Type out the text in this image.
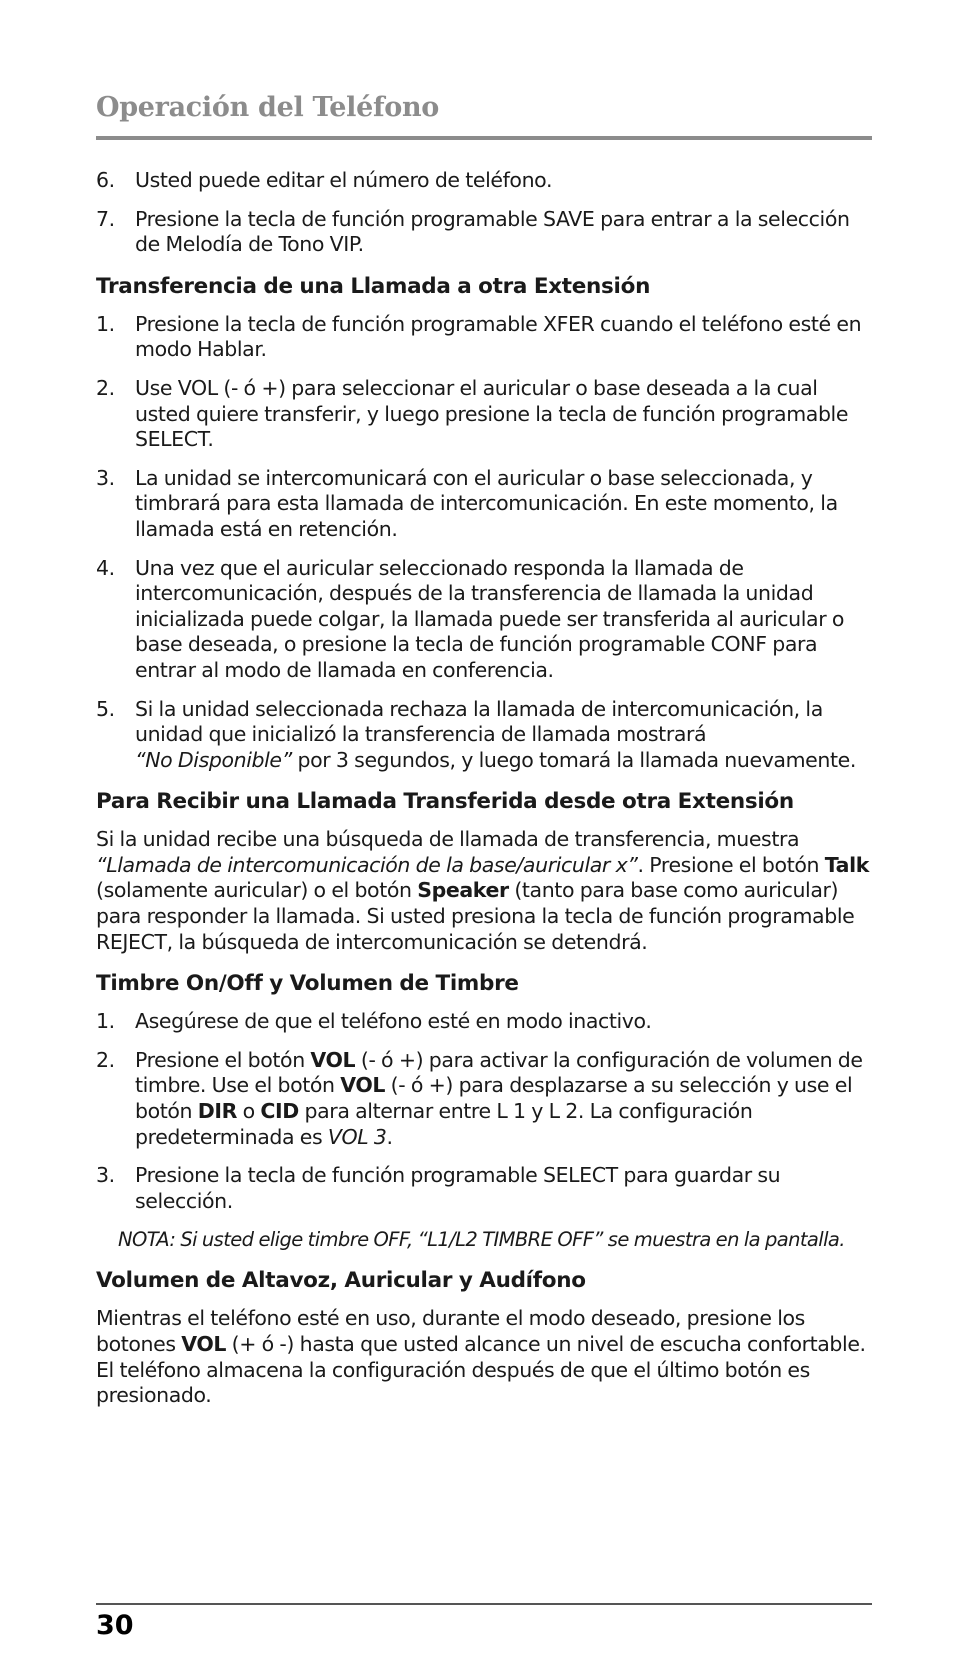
Operación del Teléfono
6. Usted puede editar el número de teléfono.
7. Presione la tecla de función programable SAVE para entrar a la selección de Melodía de Tono VIP.
Transferencia de una Llamada a otra Extensión
1. Presione la tecla de función programable XFER cuando el teléfono esté en modo Hablar.
2. Use VOL (- ó +) para seleccionar el auricular o base deseada a la cual usted quiere transferir, y luego presione la tecla de función programable SELECT.
3. La unidad se intercomunicará con el auricular o base seleccionada, y timbrará para esta llamada de intercomunicación. En este momento, la llamada está en retención.
4. Una vez que el auricular seleccionado responda la llamada de intercomunicación, después de la transferencia de llamada la unidad inicializada puede colgar, la llamada puede ser transferida al auricular o base deseada, o presione la tecla de función programable CONF para entrar al modo de llamada en conferencia.
5. Si la unidad seleccionada rechaza la llamada de intercomunicación, la unidad que inicializó la transferencia de llamada mostrará
“No Disponible” por 3 segundos, y luego tomará la llamada nuevamente.
Para Recibir una Llamada Transferida desde otra Extensión

Si la unidad recibe una búsqueda de llamada de transferencia, muestra
“Llamada de intercomunicación de la base/auricular x”. Presione el botón Talk (solamente auricular) o el botón Speaker (tanto para base como auricular) para responder la llamada. Si usted presiona la tecla de función programable REJECT, la búsqueda de intercomunicación se detendrá.

Timbre On/Off y Volumen de Timbre
1. Asegúrese de que el teléfono esté en modo inactivo.
2. Presione el botón VOL (- ó +) para activar la configuración de volumen de timbre. Use el botón VOL (- ó +) para desplazarse a su selección y use el botón DIR o CID para alternar entre L 1 y L 2. La configuración predeterminada es VOL 3.
3. Presione la tecla de función programable SELECT para guardar su selección.

NOTA: Si usted elige timbre OFF, “L1/L2 TIMBRE OFF” se muestra en la pantalla.

Volumen de Altavoz, Auricular y Audífono

Mientras el teléfono esté en uso, durante el modo deseado, presione los botones VOL (+ ó -) hasta que usted alcance un nivel de escucha confortable. El teléfono almacena la configuración después de que el último botón es presionado.

30
